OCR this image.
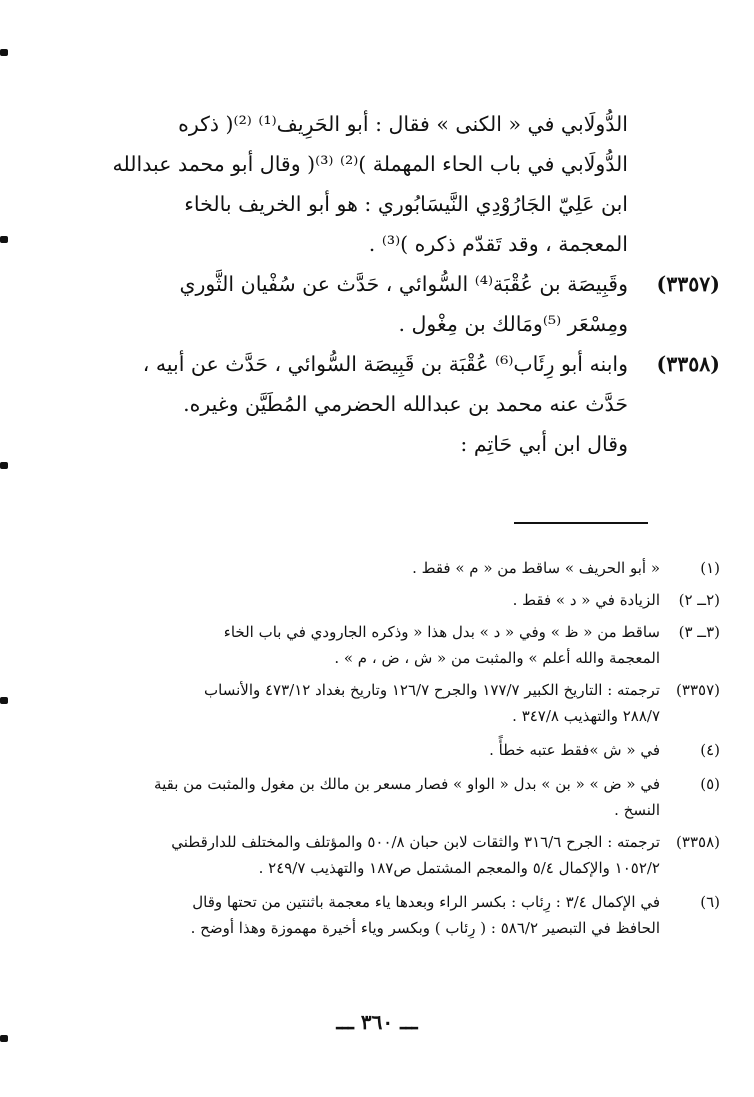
الدُّولَابي في « الكنى » فقال : أبو الحَرِيف⁽¹⁾ ⁽²⁾( ذكره
الدُّولَابي في باب الحاء المهملة )⁽²⁾ ⁽³⁾( وقال أبو محمد عبدالله
ابن عَلِيّ الجَارُوْدِي النَّيسَابُوري : هو أبو الخريف بالخاء
المعجمة ، وقد تَقدّم ذكره )⁽³⁾ .
(٣٣٥٧)وقَبِيصَة بن عُقْبَة⁽⁴⁾ السُّوائي ، حَدَّث عن سُفْيان الثَّوري
ومِسْعَر ⁽⁵⁾ومَالك بن مِغْول .
(٣٣٥٨)وابنه أبو رِئَاب⁽⁶⁾ عُقْبَة بن قَبِيصَة السُّوائي ، حَدَّث عن أبيه ،
حَدَّث عنه محمد بن عبدالله الحضرمي المُطَيَّن وغيره.
وقال ابن أبي حَاتِم :
(١)« أبو الحريف » ساقط من « م » فقط .
(٢ــ ٢)الزيادة في « د » فقط .
(٣ــ ٣)ساقط من « ظ » وفي « د » بدل هذا « وذكره الجارودي في باب الخاء
المعجمة والله أعلم » والمثبت من « ش ، ض ، م » .
(٣٣٥٧)ترجمته : التاريخ الكبير ١٧٧/٧ والجرح ١٢٦/٧ وتاريخ بغداد ٤٧٣/١٢ والأنساب
٢٨٨/٧ والتهذيب ٣٤٧/٨ .
(٤)في « ش »فقط عتبه خطأً .
(٥)في « ض » « بن » بدل « الواو » فصار مسعر بن مالك بن مغول والمثبت من بقية
النسخ .
(٣٣٥٨)ترجمته : الجرح ٣١٦/٦ والثقات لابن حبان ٥٠٠/٨ والمؤتلف والمختلف للدارقطني
١٠٥٢/٢ والإكمال ٥/٤ والمعجم المشتمل ص١٨٧ والتهذيب ٢٤٩/٧ .
(٦)في الإكمال ٣/٤ : رِئاب : بكسر الراء وبعدها ياء معجمة باثنتين من تحتها وقال
الحافظ في التبصير ٥٨٦/٢ : ( رِئاب ) وبكسر وياء أخيرة مهموزة وهذا أوضح .
ـــ ٣٦٠ ـــ
